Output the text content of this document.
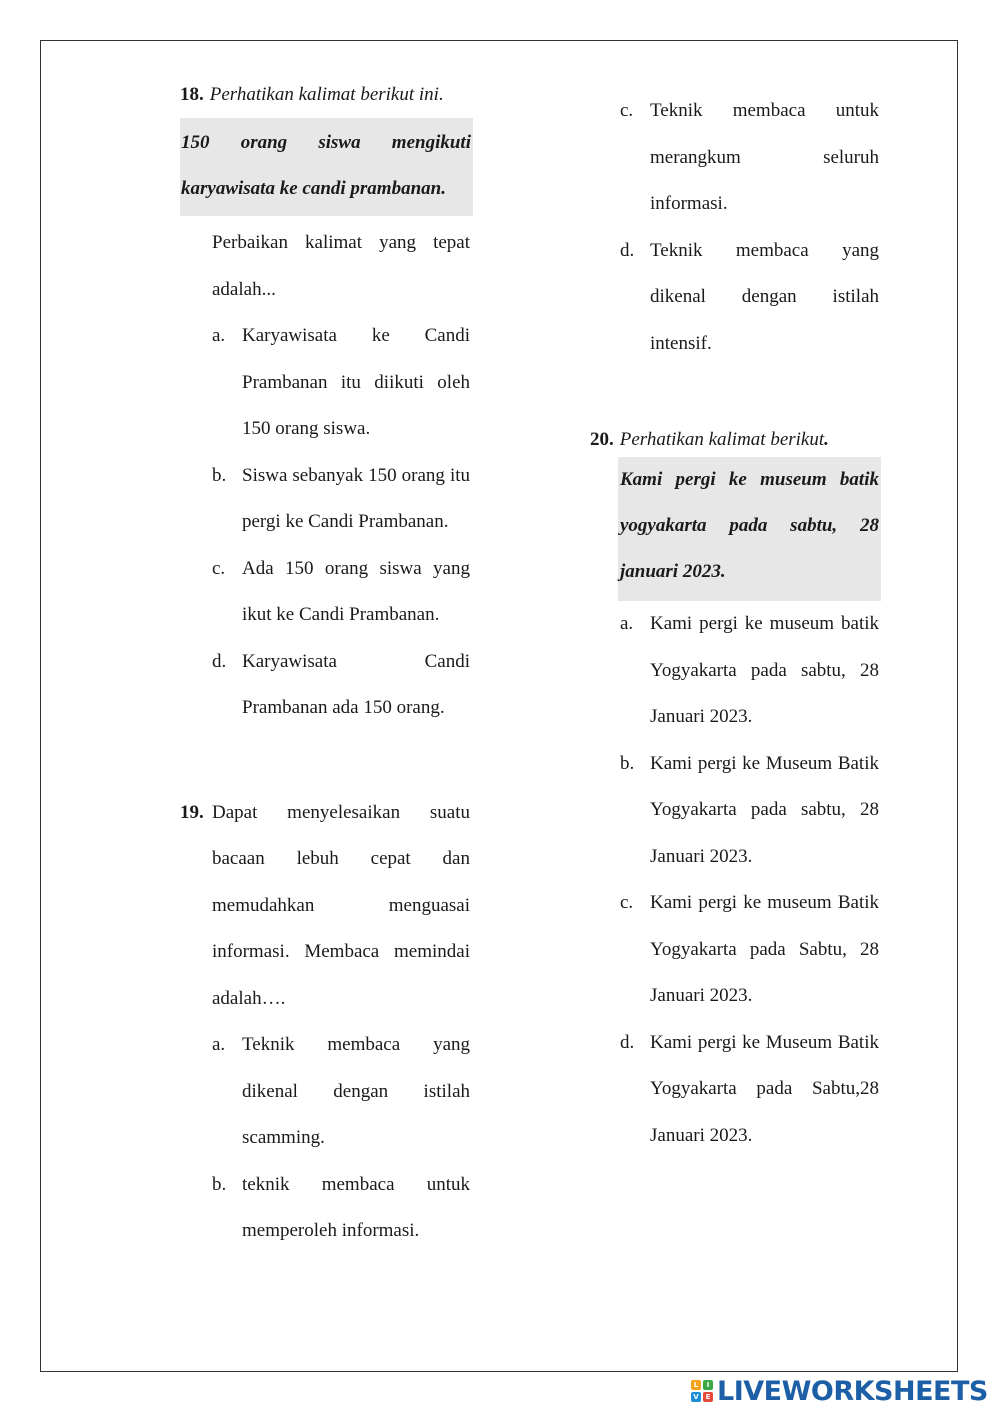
18. Perhatikan kalimat berikut ini.
150 orang siswa mengikuti karyawisata ke candi prambanan.
Perbaikan kalimat yang tepat adalah...
a. Karyawisata ke Candi Prambanan itu diikuti oleh 150 orang siswa.
b. Siswa sebanyak 150 orang itu pergi ke Candi Prambanan.
c. Ada 150 orang siswa yang ikut ke Candi Prambanan.
d. Karyawisata Candi Prambanan ada 150 orang.
19. Dapat menyelesaikan suatu bacaan lebuh cepat dan memudahkan menguasai informasi. Membaca memindai adalah….
a. Teknik membaca yang dikenal dengan istilah scamming.
b. teknik membaca untuk memperoleh informasi.
c. Teknik membaca untuk merangkum seluruh informasi.
d. Teknik membaca yang dikenal dengan istilah intensif.
20. Perhatikan kalimat berikut.
Kami pergi ke museum batik yogyakarta pada sabtu, 28 januari 2023.
a. Kami pergi ke museum batik Yogyakarta pada sabtu, 28 Januari 2023.
b. Kami pergi ke Museum Batik Yogyakarta pada sabtu, 28 Januari 2023.
c. Kami pergi ke museum Batik Yogyakarta pada Sabtu, 28 Januari 2023.
d. Kami pergi ke Museum Batik Yogyakarta pada Sabtu,28 Januari 2023.
L	I
V E LIVEWORKSHEETS
